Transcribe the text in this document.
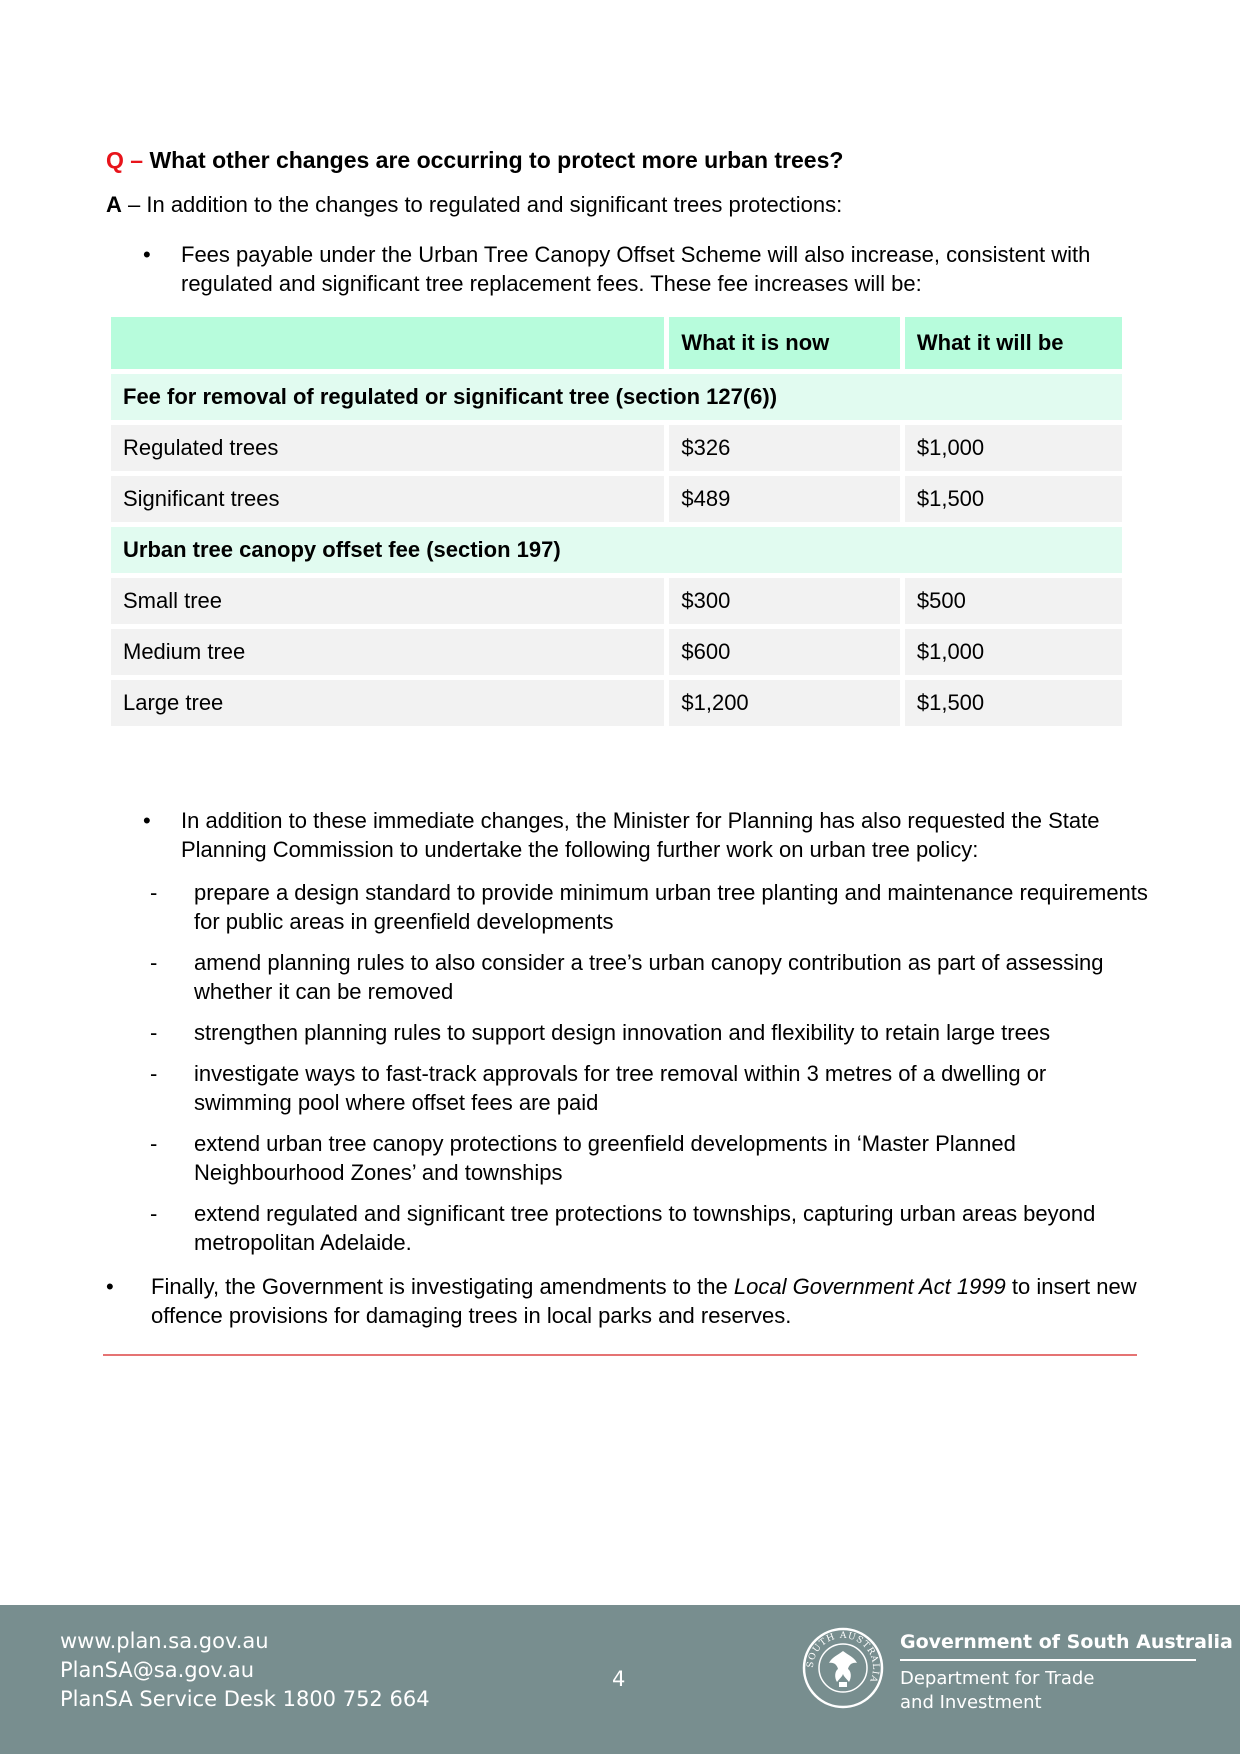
Q – What other changes are occurring to protect more urban trees?

A – In addition to the changes to regulated and significant trees protections:

• Fees payable under the Urban Tree Canopy Offset Scheme will also increase, consistent with regulated and significant tree replacement fees. These fee increases will be:
	What it is now	What it will be
Fee for removal of regulated or significant tree (section 127(6))		
Regulated trees	$326	$1,000
Significant trees	$489	$1,500
Urban tree canopy offset fee (section 197)		
Small tree	$300	$500
Medium tree	$600	$1,000
Large tree	$1,200	$1,500
• In addition to these immediate changes, the Minister for Planning has also requested the State Planning Commission to undertake the following further work on urban tree policy:
- prepare a design standard to provide minimum urban tree planting and maintenance requirements for public areas in greenfield developments
- amend planning rules to also consider a tree’s urban canopy contribution as part of assessing whether it can be removed
- strengthen planning rules to support design innovation and flexibility to retain large trees
- investigate ways to fast-track approvals for tree removal within 3 metres of a dwelling or swimming pool where offset fees are paid
- extend urban tree canopy protections to greenfield developments in ‘Master Planned Neighbourhood Zones’ and townships
- extend regulated and significant tree protections to townships, capturing urban areas beyond metropolitan Adelaide.
• Finally, the Government is investigating amendments to the Local Government Act 1999 to insert new offence provisions for damaging trees in local parks and reserves.
www.plan.sa.gov.au
PlanSA@sa.gov.au
PlanSA Service Desk 1800 752 664
4
SOUTH AUSTRALIA
Government of South Australia
Department for Trade
and Investment
